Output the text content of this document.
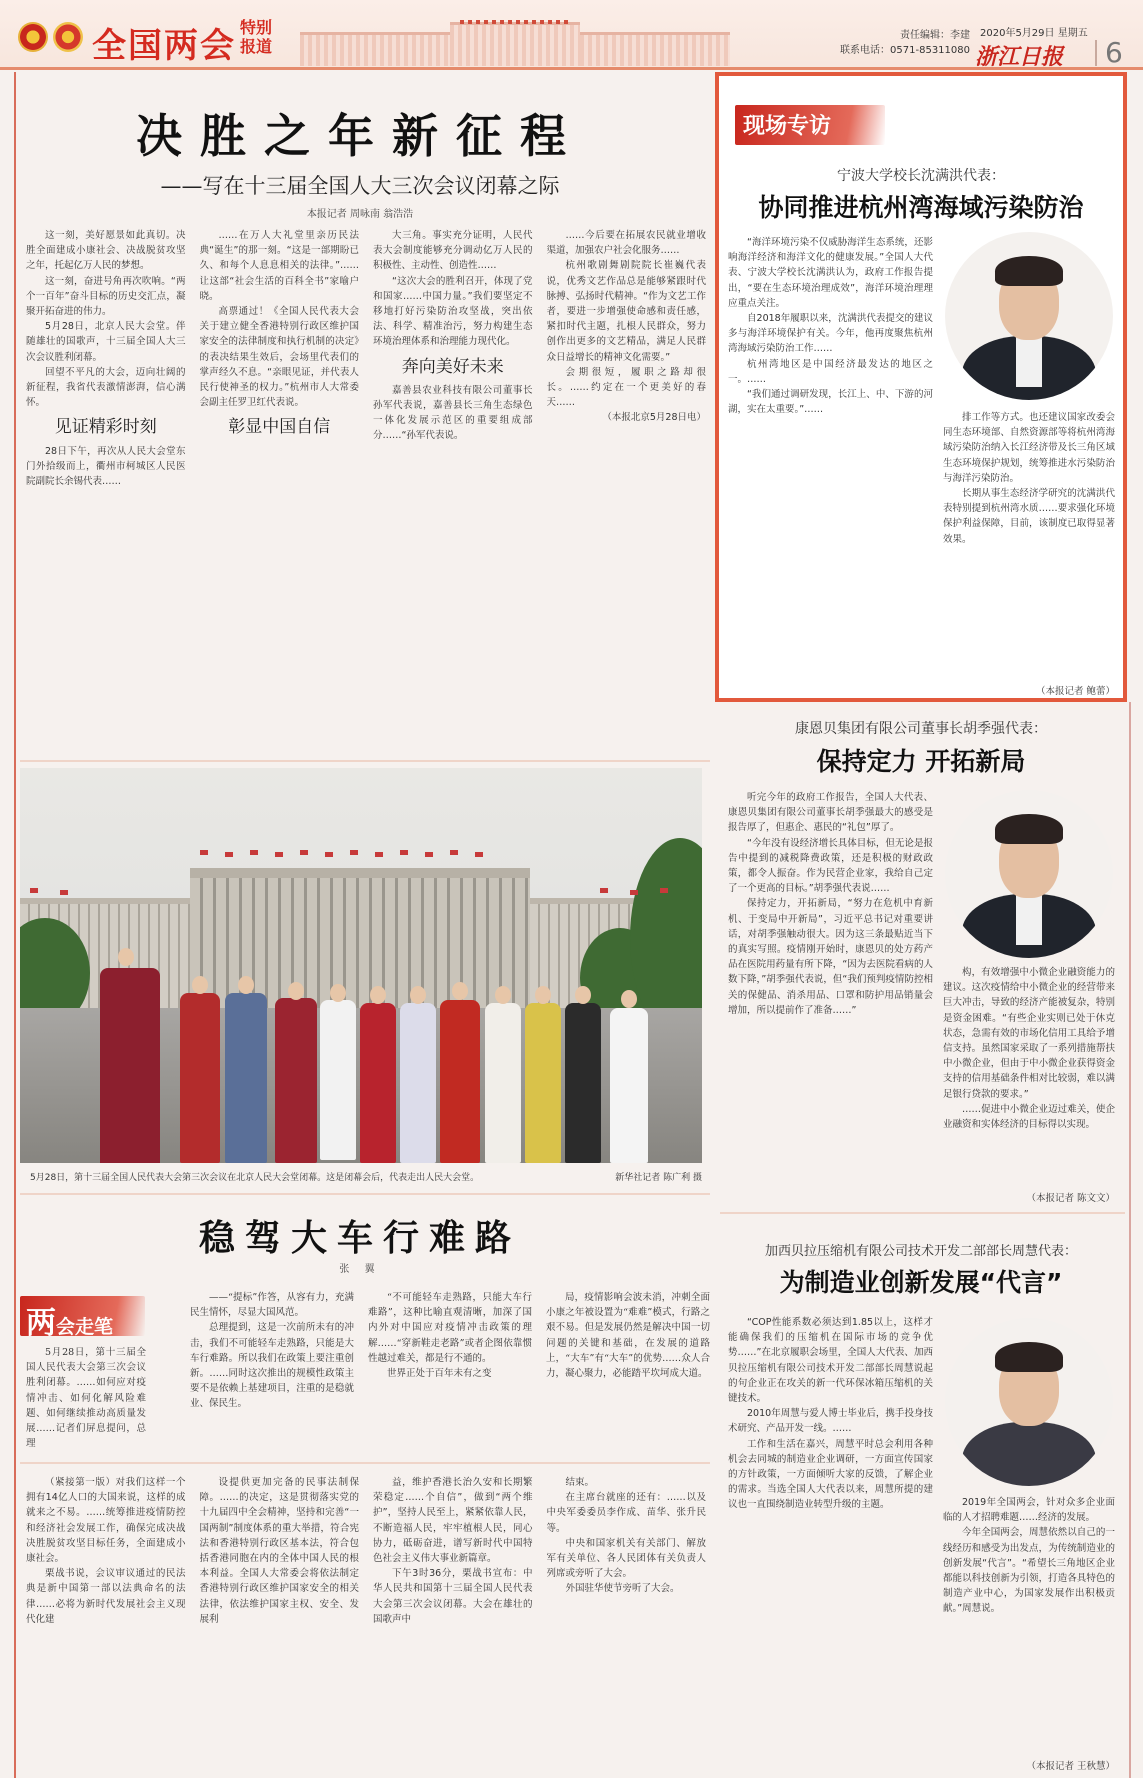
全国两会 特别报道
责任编辑：李建
联系电话：0571-85311080
2020年5月29日 星期五
浙江日报 6
决胜之年新征程
——写在十三届全国人大三次会议闭幕之际
本报记者 周咏南 翁浩浩

这一刻，美好愿景如此真切。决胜全面建成小康社会、决战脱贫攻坚之年，托起亿万人民的梦想。

这一刻，奋进号角再次吹响。“两个一百年”奋斗目标的历史交汇点，凝聚开拓奋进的伟力。

5月28日，北京人民大会堂。伴随雄壮的国歌声，十三届全国人大三次会议胜利闭幕。

回望不平凡的大会，迈向壮阔的新征程，我省代表激情澎湃，信心满怀。

见证精彩时刻

28日下午，再次从人民大会堂东门外拾级而上，衢州市柯城区人民医院副院长余锡代表……

……在万人大礼堂里亲历民法典“诞生”的那一刻。“这是一部期盼已久、和每个人息息相关的法律。”……让这部“社会生活的百科全书”家喻户晓。

高票通过！《全国人民代表大会关于建立健全香港特别行政区维护国家安全的法律制度和执行机制的决定》的表决结果生效后，会场里代表们的掌声经久不息。“亲眼见证，并代表人民行使神圣的权力。”杭州市人大常委会副主任罗卫红代表说。

彰显中国自信

大三角。事实充分证明，人民代表大会制度能够充分调动亿万人民的积极性、主动性、创造性……

“这次大会的胜利召开，体现了党和国家……中国力量。”我们要坚定不移地打好污染防治攻坚战，突出依法、科学、精准治污，努力构建生态环境治理体系和治理能力现代化。

奔向美好未来

嘉善县农业科技有限公司董事长孙军代表说，嘉善县长三角生态绿色一体化发展示范区的重要组成部分……“孙军代表说。

……今后要在拓展农民就业增收渠道，加强农户社会化服务……

杭州歌剧舞剧院院长崔巍代表说，优秀文艺作品总是能够紧跟时代脉搏、弘扬时代精神。“作为文艺工作者，要进一步增强使命感和责任感，紧扣时代主题，扎根人民群众，努力创作出更多的文艺精品，满足人民群众日益增长的精神文化需要。”

会期很短，履职之路却很长。……约定在一个更美好的春天……

（本报北京5月28日电）

5月28日，第十三届全国人民代表大会第三次会议在北京人民大会堂闭幕。这是闭幕会后，代表走出人民大会堂。	新华社记者 陈广利 摄
稳驾大车行难路
张 翼
两会走笔

5月28日，第十三届全国人民代表大会第三次会议胜利闭幕。……如何应对疫情冲击、如何化解风险难题、如何继续推动高质量发展……记者们屏息提问，总理

——“提标”作答，从容有力，充满民生情怀，尽显大国风范。

总理提到，这是一次前所未有的冲击，我们不可能轻车走熟路，只能是大车行难路。所以我们在政策上要注重创新。……同时这次推出的规模性政策主要不是依赖上基建项目，注重的是稳就业、保民生。

“不可能轻车走熟路，只能大车行难路”，这种比喻直观清晰，加深了国内外对中国应对疫情冲击政策的理解……“穿新鞋走老路”或者企图依靠惯性越过难关，都是行不通的。

世界正处于百年未有之变

局，疫情影响会波未消，冲刺全面小康之年被设置为“难难”模式，行路之艰不易。但是发展仍然是解决中国一切问题的关键和基础，在发展的道路上，“大车”有“大车”的优势……众人合力，凝心聚力，必能踏平坎坷成大道。

（紧接第一版）对我们这样一个拥有14亿人口的大国来说，这样的成就来之不易。……统筹推进疫情防控和经济社会发展工作，确保完成决战决胜脱贫攻坚目标任务，全面建成小康社会。

栗战书说，会议审议通过的民法典是新中国第一部以法典命名的法律……必将为新时代发展社会主义现代化建

设提供更加完备的民事法制保障。……的决定，这是贯彻落实党的十九届四中全会精神，坚持和完善“一国两制”制度体系的重大举措，符合宪法和香港特别行政区基本法，符合包括香港同胞在内的全体中国人民的根本利益。全国人大常委会将依法制定香港特别行政区维护国家安全的相关法律，依法维护国家主权、安全、发展利

益，维护香港长治久安和长期繁荣稳定……个自信”，做到“两个维护”，坚持人民至上，紧紧依靠人民，不断造福人民，牢牢植根人民，同心协力，砥砺奋进，谱写新时代中国特色社会主义伟大事业新篇章。

下午3时36分，栗战书宣布：中华人民共和国第十三届全国人民代表大会第三次会议闭幕。大会在雄壮的国歌声中

结束。

在主席台就座的还有：……以及中央军委委员李作成、苗华、张升民等。

中央和国家机关有关部门、解放军有关单位、各人民团体有关负责人列席或旁听了大会。

外国驻华使节旁听了大会。

现场专访
宁波大学校长沈满洪代表：
协同推进杭州湾海域污染防治

“海洋环境污染不仅威胁海洋生态系统，还影响海洋经济和海洋文化的健康发展。”全国人大代表、宁波大学校长沈满洪认为，政府工作报告提出，“要在生态环境治理成效”，海洋环境治理理应重点关注。

自2018年履职以来，沈满洪代表提交的建议多与海洋环境保护有关。今年，他再度聚焦杭州湾海域污染防治工作……

杭州湾地区是中国经济最发达的地区之一。……

“我们通过调研发现，长江上、中、下游的河湖，实在太重要。”……

排工作等方式。也还建议国家改委会同生态环境部、自然资源部等将杭州湾海域污染防治纳入长江经济带及长三角区域生态环境保护规划，统筹推进水污染防治与海洋污染防治。

长期从事生态经济学研究的沈满洪代表特别提到杭州湾水质……要求强化环境保护利益保障，目前，该制度已取得显著效果。

（本报记者 鲍蕾）
康恩贝集团有限公司董事长胡季强代表：
保持定力 开拓新局

听完今年的政府工作报告，全国人大代表、康恩贝集团有限公司董事长胡季强最大的感受是报告厚了，但惠企、惠民的“礼包”厚了。

“今年没有设经济增长具体目标，但无论是报告中提到的减税降费政策，还是积极的财政政策，都令人振奋。作为民营企业家，我给自己定了一个更高的目标。”胡季强代表说……

保持定力，开拓新局，“努力在危机中育新机、于变局中开新局”，习近平总书记对重要讲话，对胡季强触动很大。因为这三条最贴近当下的真实写照。疫情刚开始时，康恩贝的处方药产品在医院用药量有所下降，“因为去医院看病的人数下降，”胡季强代表说，但“我们预判疫情防控相关的保健品、消杀用品、口罩和防护用品销量会增加，所以提前作了准备……”

构，有效增强中小微企业融资能力的建议。这次疫情给中小微企业的经营带来巨大冲击，导致的经济产能被复杂，特别是资金困难。“有些企业实则已处于休克状态，急需有效的市场化信用工具给予增信支持。虽然国家采取了一系列措施帮扶中小微企业，但由于中小微企业获得资金支持的信用基础条件相对比较弱，难以满足银行贷款的要求。”

……促进中小微企业迈过难关，使企业融资和实体经济的目标得以实现。

（本报记者 陈文文）
加西贝拉压缩机有限公司技术开发二部部长周慧代表：
为制造业创新发展“代言”

“COP性能系数必须达到1.85以上，这样才能确保我们的压缩机在国际市场的竞争优势……”在北京履职会场里，全国人大代表、加西贝拉压缩机有限公司技术开发二部部长周慧说起的句企业正在攻关的新一代环保冰箱压缩机的关键技术。

2010年周慧与爱人博士毕业后，携手投身技术研究、产品开发一线。……

工作和生活在嘉兴，周慧平时总会利用各种机会去同城的制造业企业调研，一方面宣传国家的方针政策，一方面倾听大家的反馈，了解企业的需求。当选全国人大代表以来，周慧所提的建议也一直围绕制造业转型升级的主题。	2019年全国两会，针对众多企业面临的人才招聘难题……经济的发展。

今年全国两会，周慧依然以自己的一线经历和感受为出发点，为传统制造业的创新发展“代言”。“希望长三角地区企业都能以科技创新为引领，打造各具特色的制造产业中心，为国家发展作出积极贡献。”周慧说。

（本报记者 王秋慧）
